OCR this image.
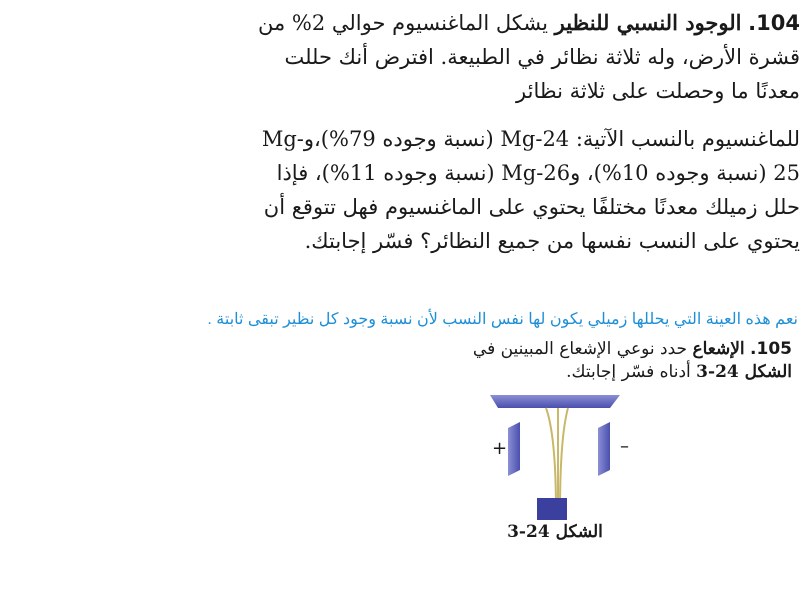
104. الوجود النسبي للنظير يشكل الماغنسيوم حوالي 2% من قشرة الأرض، وله ثلاثة نظائر في الطبيعة. افترض أنك حللت معدنًا ما وحصلت على ثلاثة نظائر

للماغنسيوم بالنسب الآتية: Mg-24 (نسبة وجوده 79%)،وMg-25 (نسبة وجوده 10%)، وMg-26 (نسبة وجوده 11%)، فإذا حلل زميلك معدنًا مختلفًا يحتوي على الماغنسيوم فهل تتوقع أن يحتوي على النسب نفسها من جميع النظائر؟ فسّر إجابتك.

نعم هذه العينة التي يحللها زميلي يكون لها نفس النسب لأن نسبة وجود كل نظير تبقى ثابتة .

105. الإشعاع حدد نوعي الإشعاع المبينين في

الشكل 24-3 أدناه فسّر إجابتك.

+	–
الشكل 24-3
